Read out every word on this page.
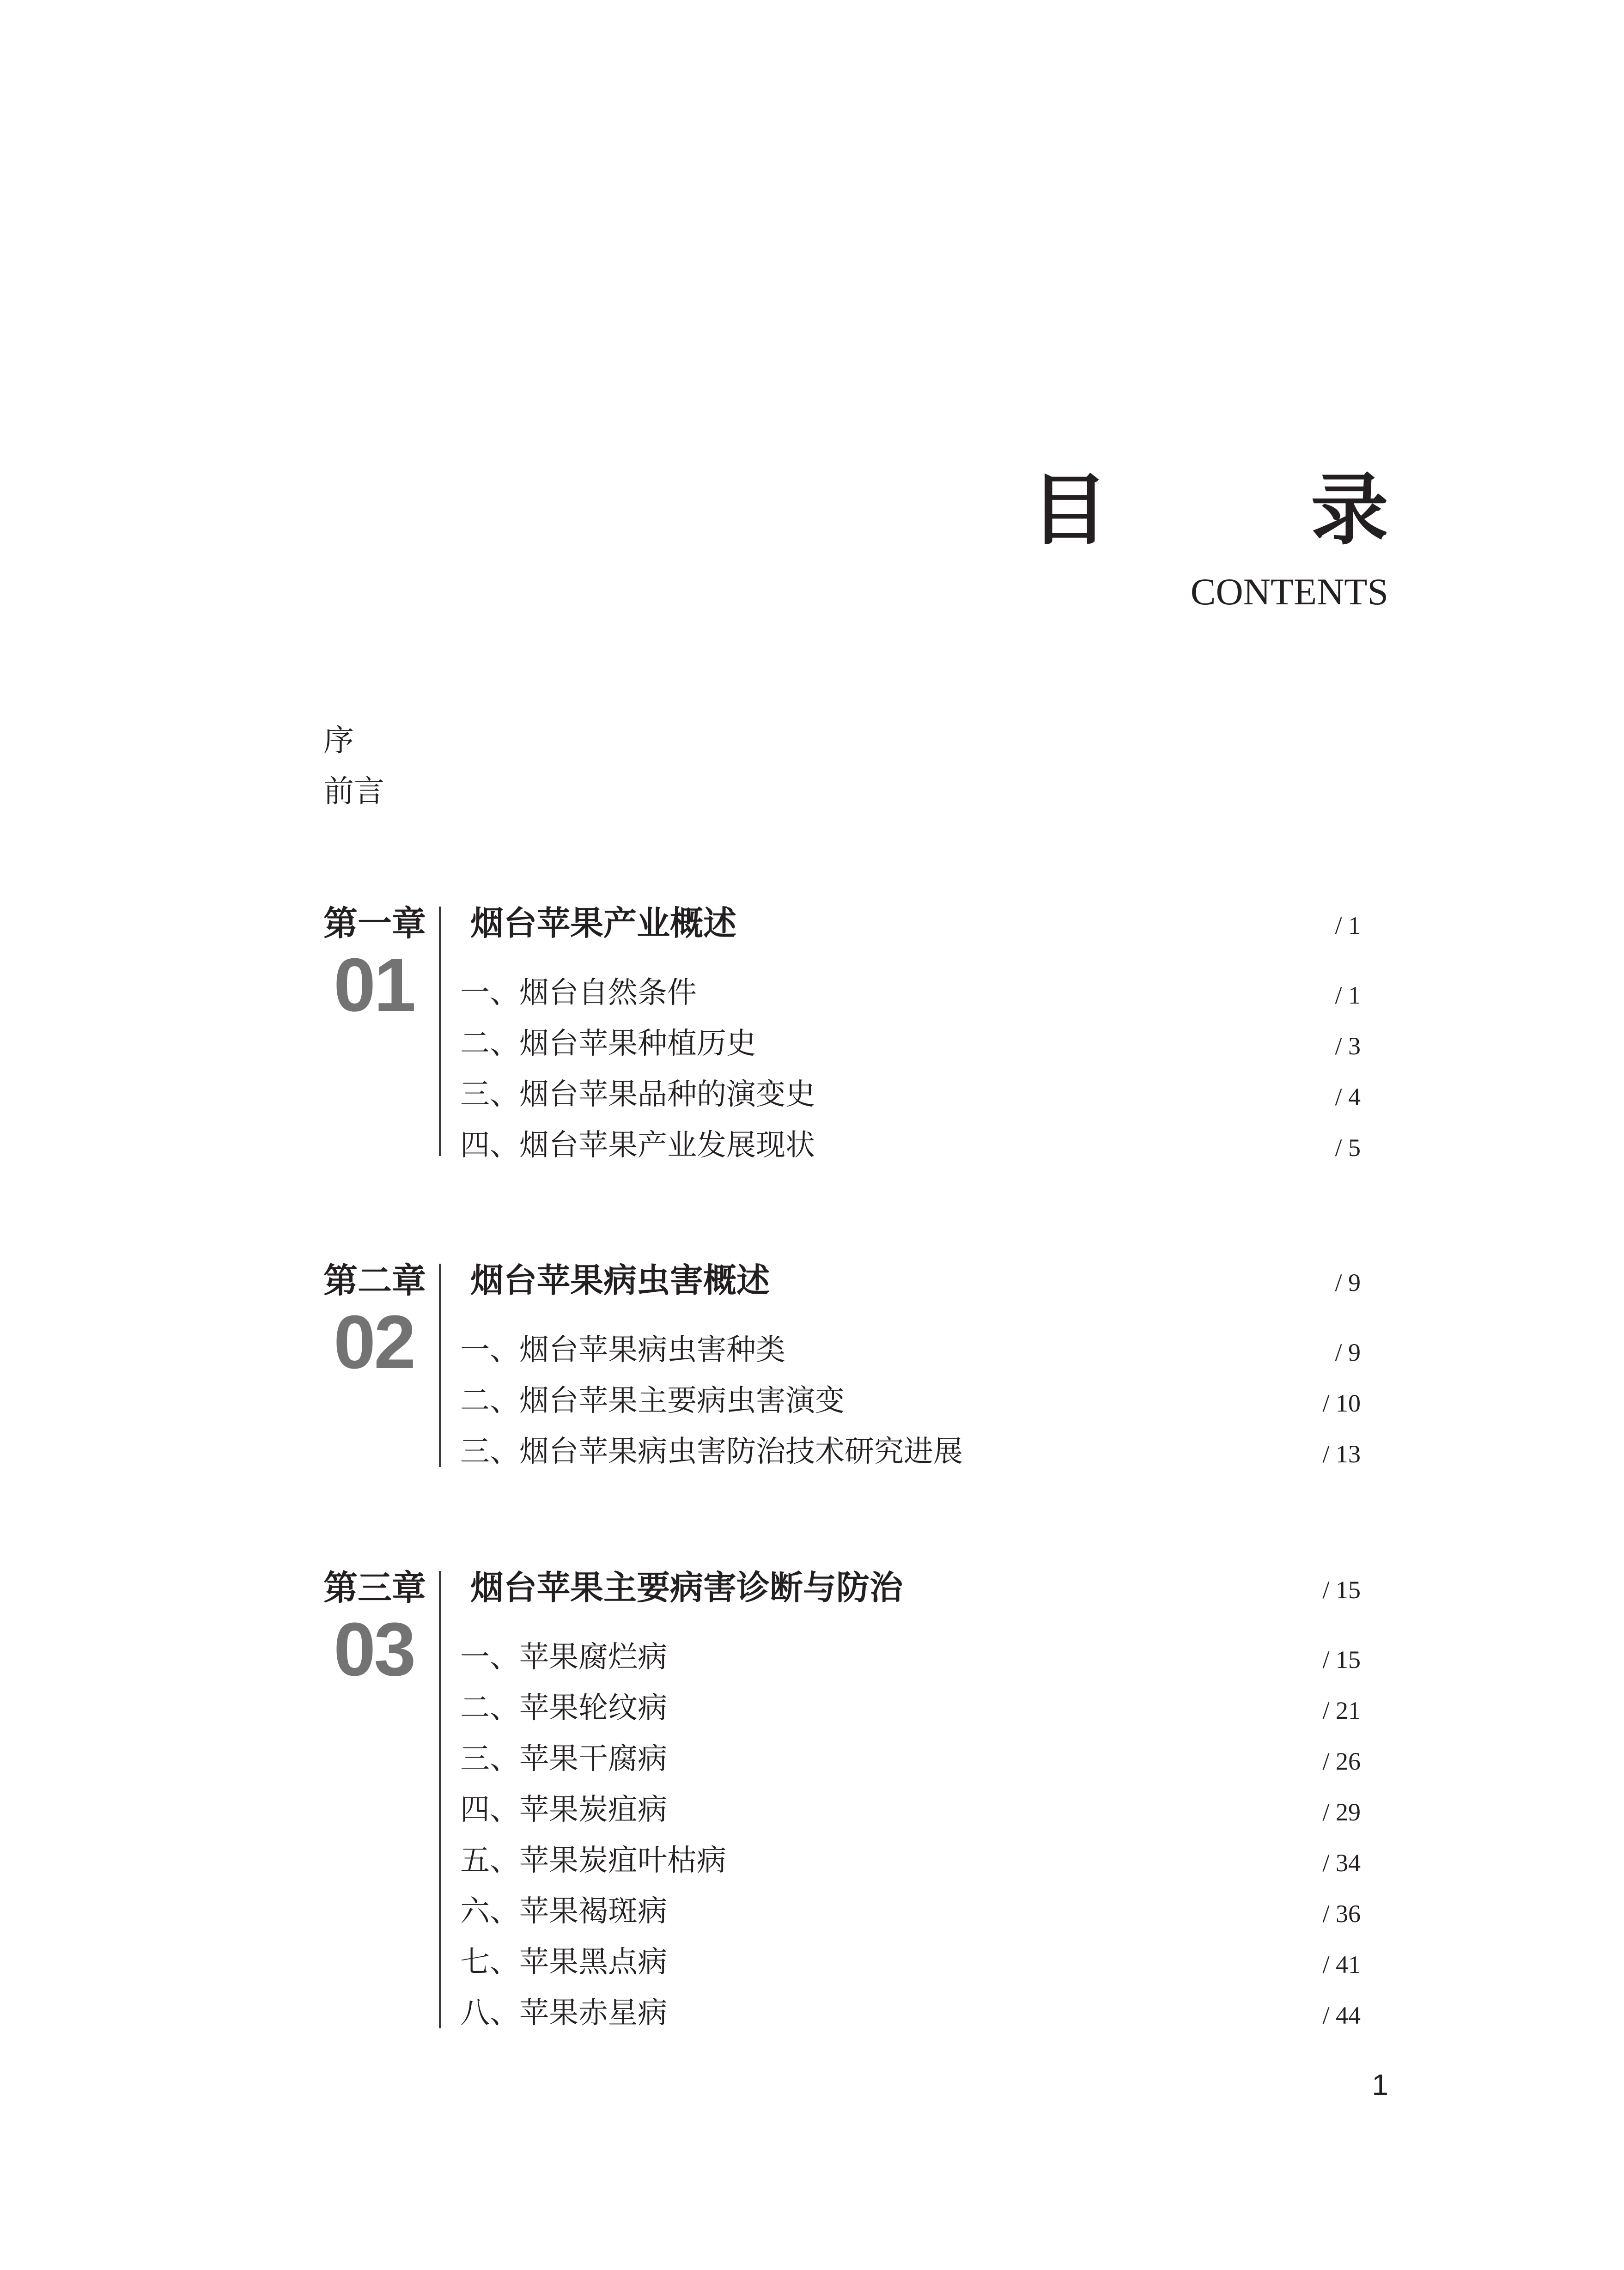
目 录
CONTENTS
序
前言
第一章
01
烟台苹果产业概述	/ 1
一、烟台自然条件	/ 1
二、烟台苹果种植历史	/ 3
三、烟台苹果品种的演变史	/ 4
四、烟台苹果产业发展现状	/ 5
第二章
02
烟台苹果病虫害概述	/ 9
一、烟台苹果病虫害种类	/ 9
二、烟台苹果主要病虫害演变	/ 10
三、烟台苹果病虫害防治技术研究进展	/ 13
第三章
03
烟台苹果主要病害诊断与防治	/ 15
一、苹果腐烂病	/ 15
二、苹果轮纹病	/ 21
三、苹果干腐病	/ 26
四、苹果炭疽病	/ 29
五、苹果炭疽叶枯病	/ 34
六、苹果褐斑病	/ 36
七、苹果黑点病	/ 41
八、苹果赤星病	/ 44
1
